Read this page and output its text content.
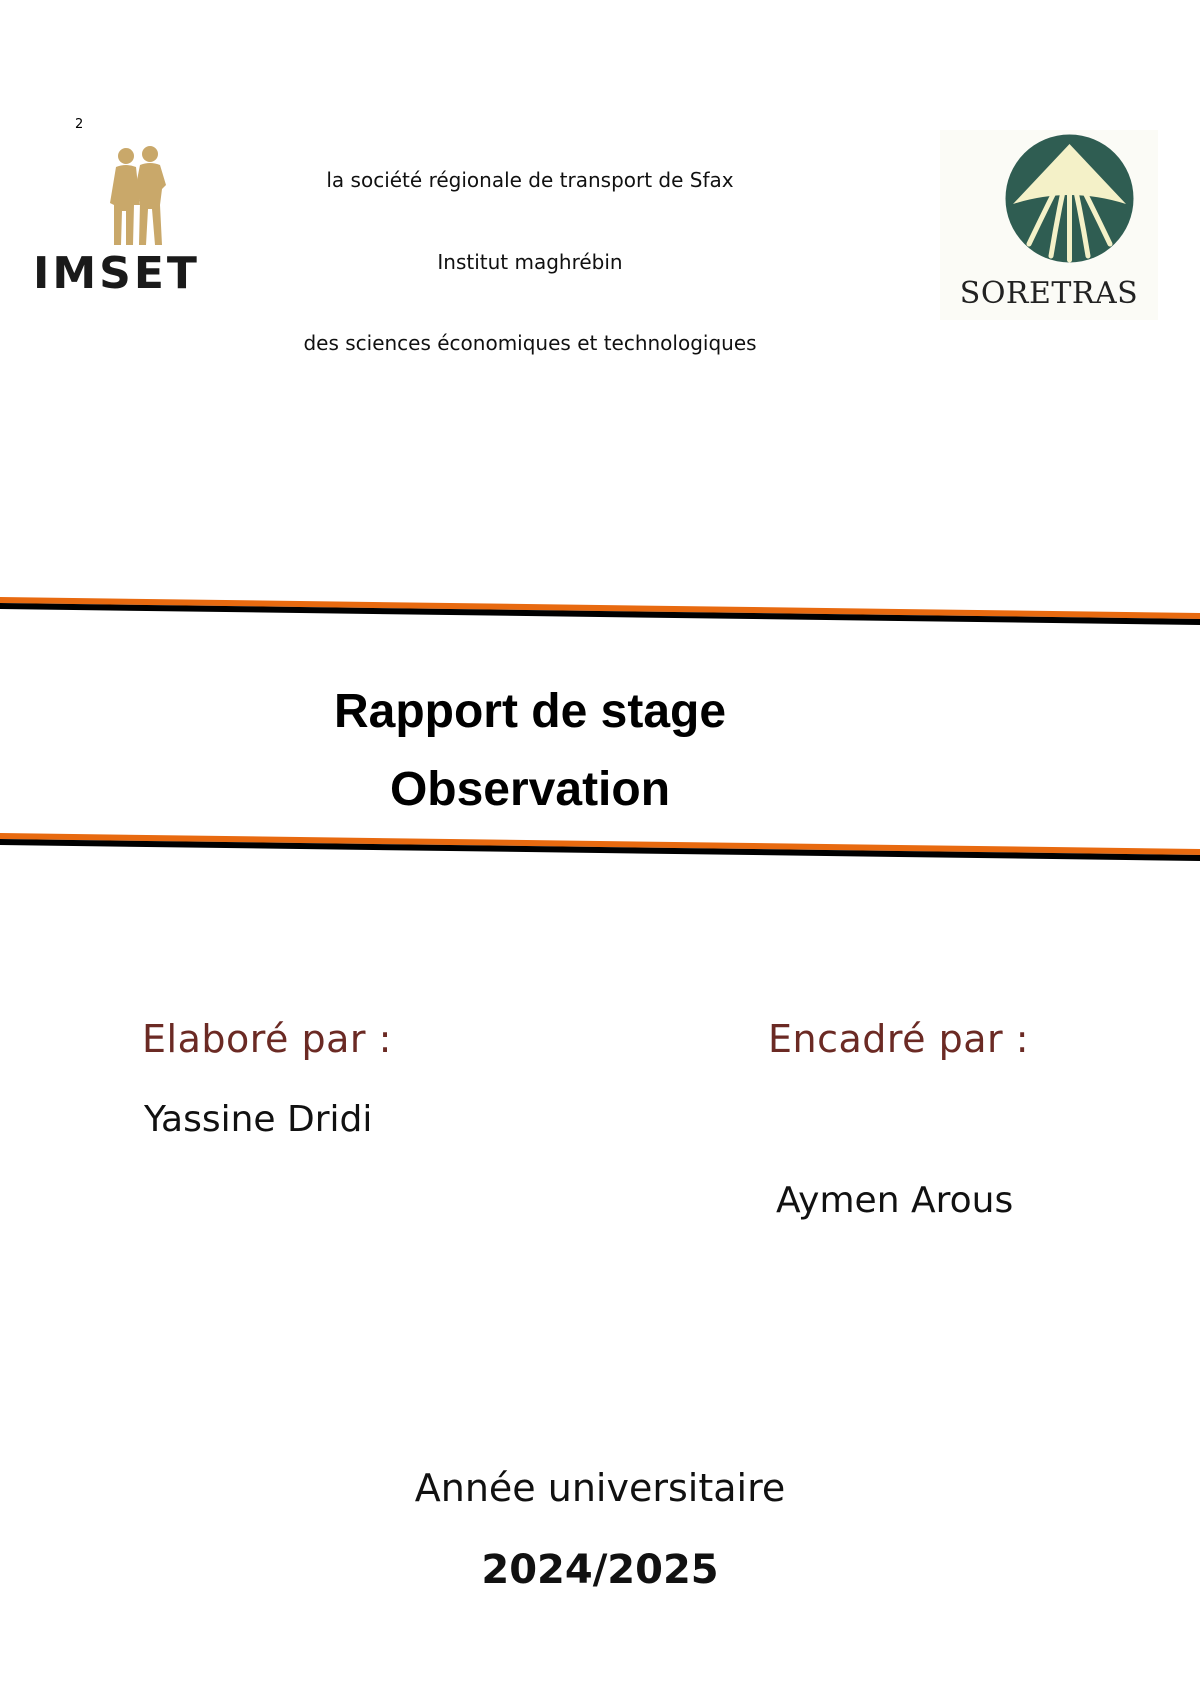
2
IMSET
la société régionale de transport de Sfax
Institut maghrébin
des sciences économiques et technologiques
SORETRAS
Rapport de stage
Observation
Elaboré par :
Yassine Dridi
Encadré par :
Aymen Arous
Année universitaire
2024/2025
